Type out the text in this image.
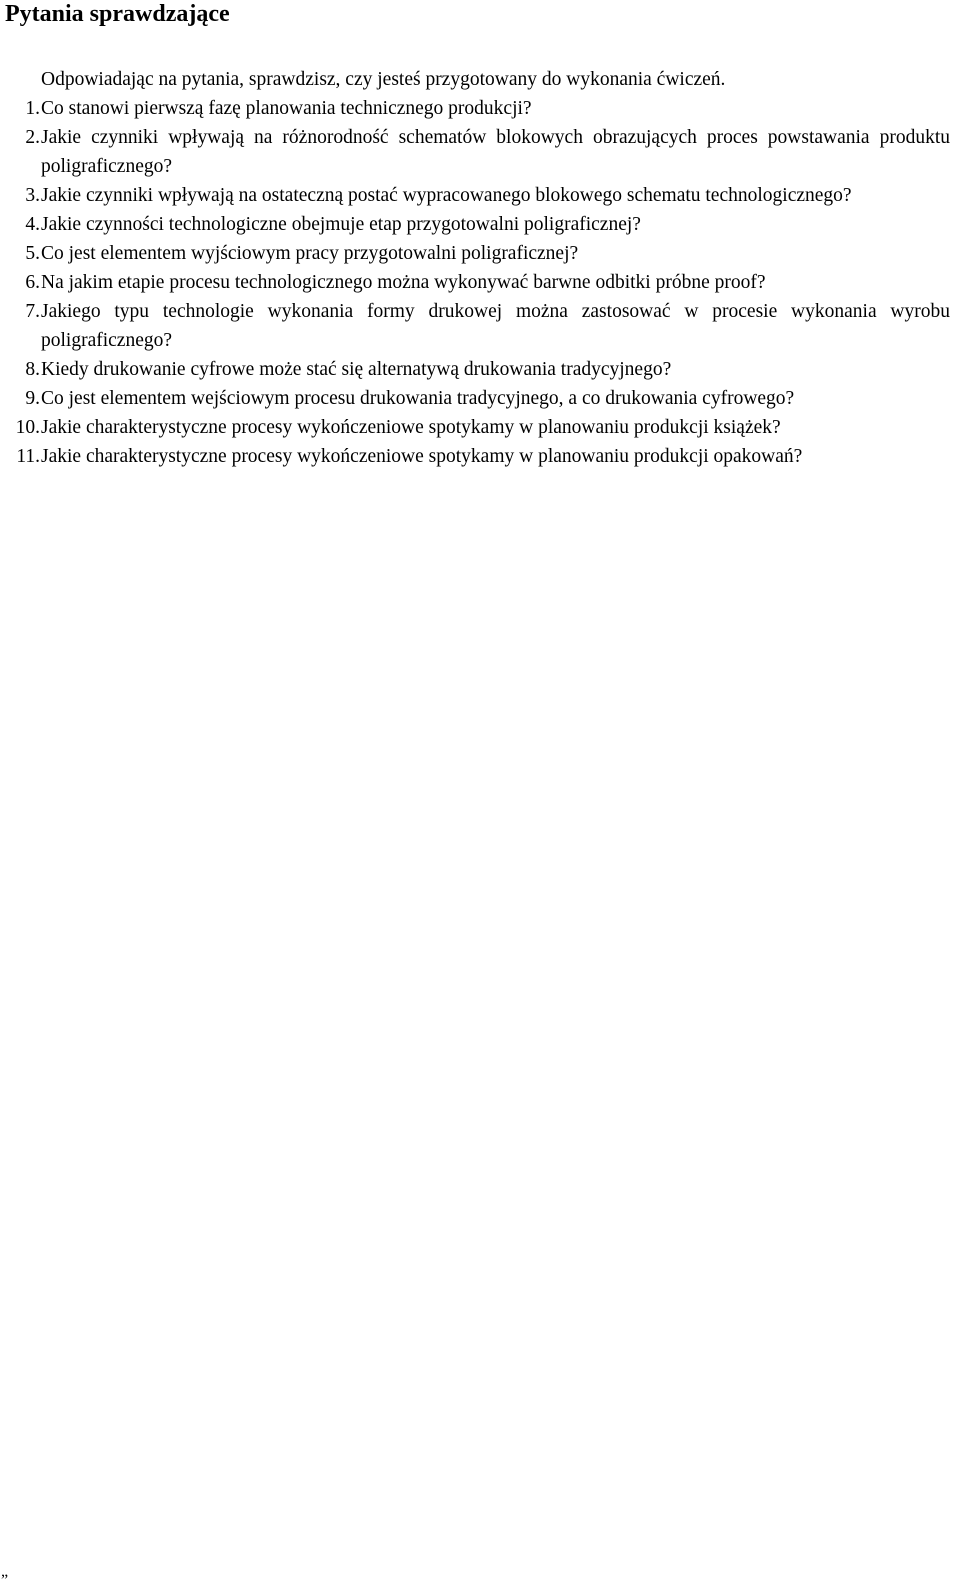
Pytania sprawdzające

Odpowiadając na pytania, sprawdzisz, czy jesteś przygotowany do wykonania ćwiczeń.

1. Co stanowi pierwszą fazę planowania technicznego produkcji?
2. Jakie czynniki wpływają na różnorodność schematów blokowych obrazujących proces powstawania produktu poligraficznego?
3. Jakie czynniki wpływają na ostateczną postać wypracowanego blokowego schematu technologicznego?
4. Jakie czynności technologiczne obejmuje etap przygotowalni poligraficznej?
5. Co jest elementem wyjściowym pracy przygotowalni poligraficznej?
6. Na jakim etapie procesu technologicznego można wykonywać barwne odbitki próbne proof?
7. Jakiego typu technologie wykonania formy drukowej można zastosować w procesie wykonania wyrobu poligraficznego?
8. Kiedy drukowanie cyfrowe może stać się alternatywą drukowania tradycyjnego?
9. Co jest elementem wejściowym procesu drukowania tradycyjnego, a co drukowania cyfrowego?
10. Jakie charakterystyczne procesy wykończeniowe spotykamy w planowaniu produkcji książek?
11. Jakie charakterystyczne procesy wykończeniowe spotykamy w planowaniu produkcji opakowań?
„
